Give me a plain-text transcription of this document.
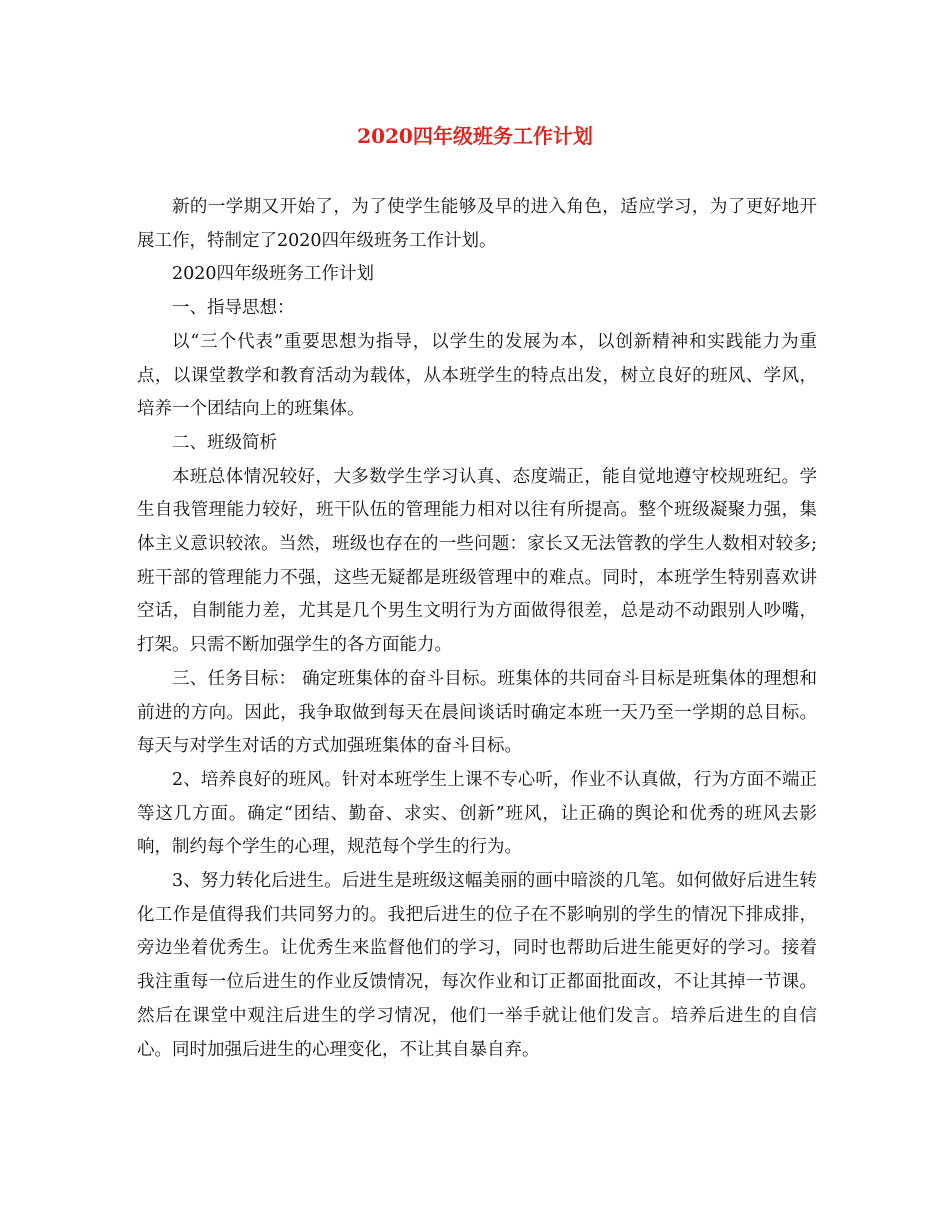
2020四年级班务工作计划

新的一学期又开始了，为了使学生能够及早的进入角色，适应学习，为了更好地开展工作，特制定了2020四年级班务工作计划。

2020四年级班务工作计划

一、指导思想：

以“三个代表”重要思想为指导，以学生的发展为本，以创新精神和实践能力为重点，以课堂教学和教育活动为载体，从本班学生的特点出发，树立良好的班风、学风，培养一个团结向上的班集体。

二、班级简析

本班总体情况较好，大多数学生学习认真、态度端正，能自觉地遵守校规班纪。学生自我管理能力较好，班干队伍的管理能力相对以往有所提高。整个班级凝聚力强，集体主义意识较浓。当然，班级也存在的一些问题：家长又无法管教的学生人数相对较多;班干部的管理能力不强，这些无疑都是班级管理中的难点。同时，本班学生特别喜欢讲空话，自制能力差，尤其是几个男生文明行为方面做得很差，总是动不动跟别人吵嘴，打架。只需不断加强学生的各方面能力。

三、任务目标： 确定班集体的奋斗目标。班集体的共同奋斗目标是班集体的理想和前进的方向。因此，我争取做到每天在晨间谈话时确定本班一天乃至一学期的总目标。每天与对学生对话的方式加强班集体的奋斗目标。

2、培养良好的班风。针对本班学生上课不专心听，作业不认真做，行为方面不端正等这几方面。确定“团结、勤奋、求实、创新”班风，让正确的舆论和优秀的班风去影响，制约每个学生的心理，规范每个学生的行为。

3、努力转化后进生。后进生是班级这幅美丽的画中暗淡的几笔。如何做好后进生转化工作是值得我们共同努力的。我把后进生的位子在不影响别的学生的情况下排成排，旁边坐着优秀生。让优秀生来监督他们的学习，同时也帮助后进生能更好的学习。接着我注重每一位后进生的作业反馈情况，每次作业和订正都面批面改，不让其掉一节课。然后在课堂中观注后进生的学习情况，他们一举手就让他们发言。培养后进生的自信心。同时加强后进生的心理变化，不让其自暴自弃。
